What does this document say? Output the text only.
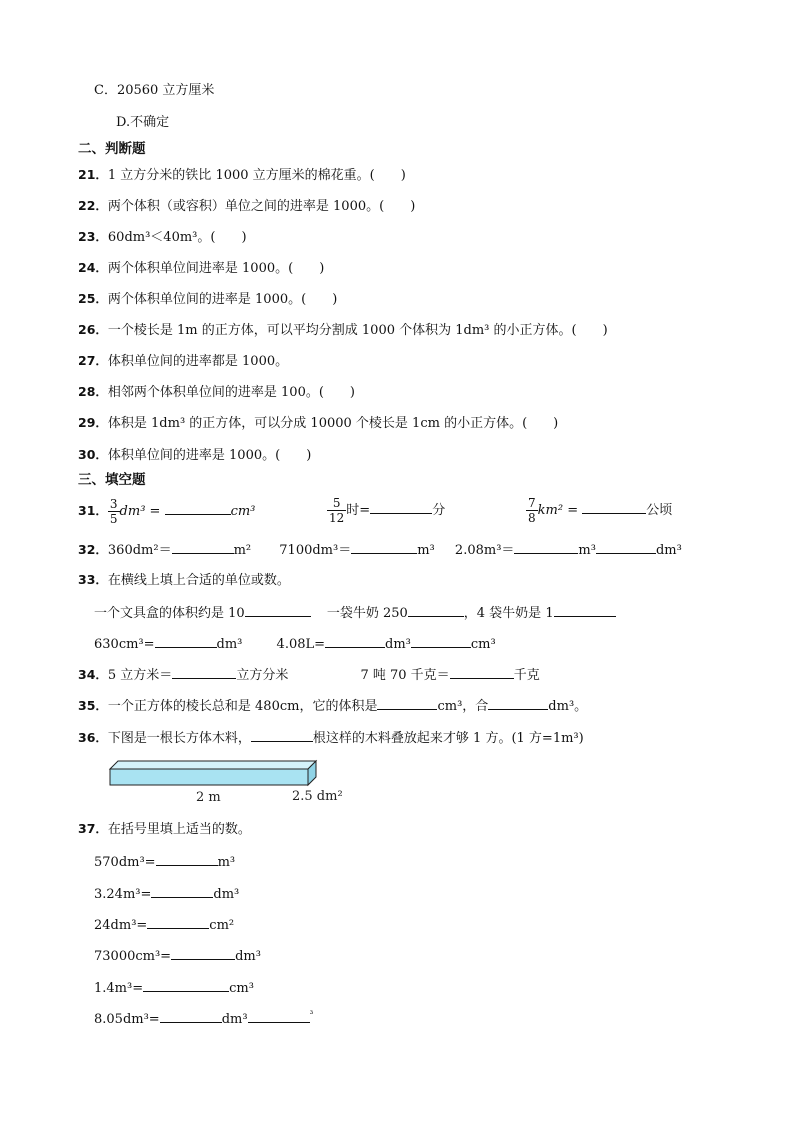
C．20560 立方厘米
D.不确定
二、判断题
21．1 立方分米的铁比 1000 立方厘米的棉花重。(　　)
22．两个体积（或容积）单位之间的进率是 1000。(　　)
23．60dm³＜40m³。(　　)
24．两个体积单位间进率是 1000。(　　)
25．两个体积单位间的进率是 1000。(　　)
26．一个棱长是 1m 的正方体，可以平均分割成 1000 个体积为 1dm³ 的小正方体。(　　)
27．体积单位间的进率都是 1000。
28．相邻两个体积单位间的进率是 100。(　　)
29．体积是 1dm³ 的正方体，可以分成 10000 个棱长是 1cm 的小正方体。(　　)
30．体积单位间的进率是 1000。(　　)
三、填空题
31． $\frac{3}{5} dm^3$ =	cm³	$\frac{5}{12}$ 时=	分	$\frac{7}{8} km^2$ =	公顷
32．360dm²＝	m² 7100dm³＝	m³ 2.08m³＝	m³	dm³
33．在横线上填上合适的单位或数。
一个文具盒的体积约是 10	一袋牛奶 250	，4 袋牛奶是 1
630cm³=	dm³	4.08L=	dm³	cm³
34．5 立方米＝	立方分米	7 吨 70 千克＝	千克
35．一个正方体的棱长总和是 480cm，它的体积是	cm³，合	dm³。
36．下图是一根长方体木料，	根这样的木料叠放起来才够 1 方。(1 方=1m³)
2 m	2.5 dm²
37．在括号里填上适当的数。
570dm³=	m³
3.24m³=	dm³
24dm³=	cm²
73000cm³=	dm³
1.4m³=	cm³
8.05dm³=	dm³	$^{^3}$
